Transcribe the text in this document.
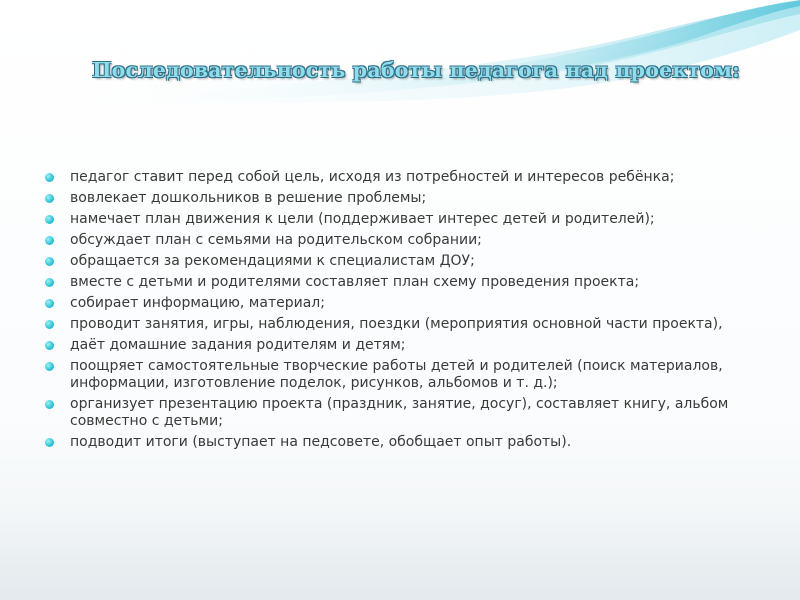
Последовательность работы педагога над проектом:
педагог ставит перед собой цель, исходя из потребностей и интересов ребёнка;
вовлекает дошкольников в решение проблемы;
намечает план движения к цели (поддерживает интерес детей и родителей);
обсуждает план с семьями на родительском собрании;
обращается за рекомендациями к специалистам ДОУ;
вместе с детьми и родителями составляет план схему проведения проекта;
собирает информацию, материал;
проводит занятия, игры, наблюдения, поездки (мероприятия основной части проекта),
даёт домашние задания родителям и детям;
поощряет самостоятельные творческие работы детей и родителей (поиск материалов, информации, изготовление поделок, рисунков, альбомов и т. д.);
организует презентацию проекта (праздник, занятие, досуг), составляет книгу, альбом совместно с детьми;
подводит итоги (выступает на педсовете, обобщает опыт работы).
